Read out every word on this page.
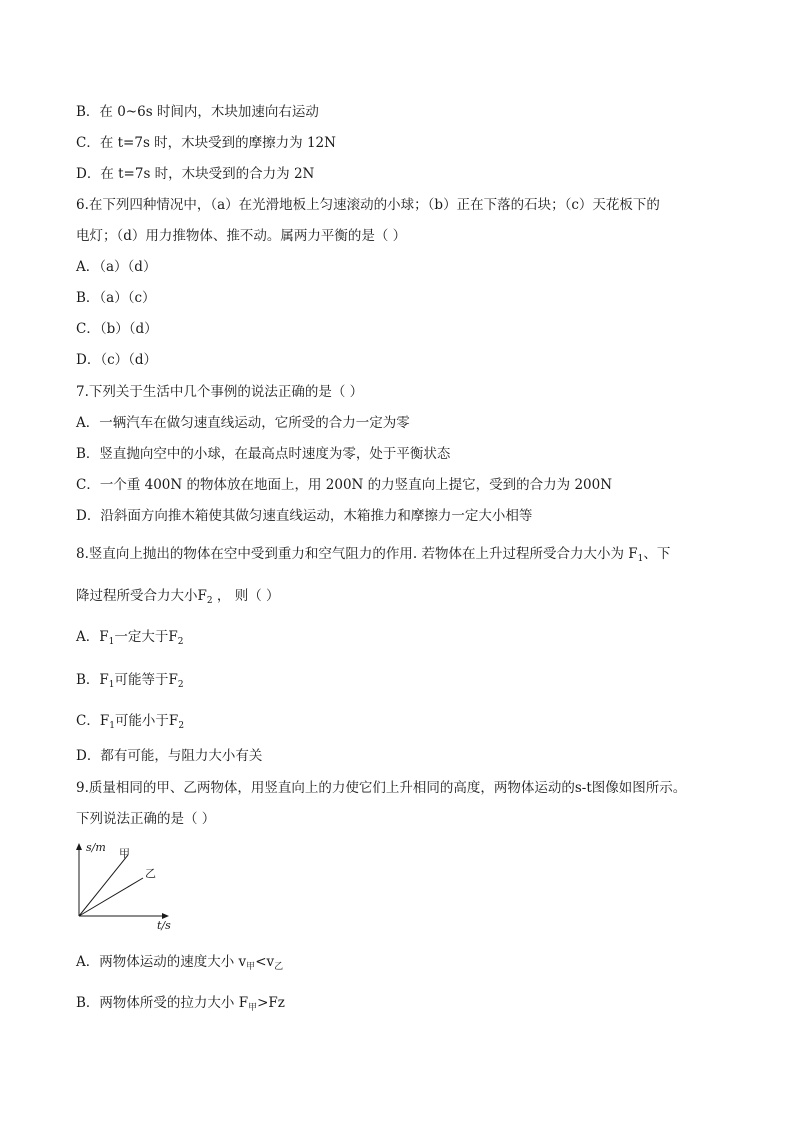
B．在 0~6s 时间内，木块加速向右运动
C．在 t=7s 时，木块受到的摩擦力为 12N
D．在 t=7s 时，木块受到的合力为 2N
6.在下列四种情况中，（a）在光滑地板上匀速滚动的小球；（b）正在下落的石块；（c）天花板下的
电灯；（d）用力推物体、推不动。属两力平衡的是（ ）
A．（a）（d）
B．（a）（c）
C．（b）（d）
D．（c）（d）
7.下列关于生活中几个事例的说法正确的是（ ）
A．一辆汽车在做匀速直线运动，它所受的合力一定为零
B．竖直抛向空中的小球，在最高点时速度为零，处于平衡状态
C．一个重 400N 的物体放在地面上，用 200N 的力竖直向上提它，受到的合力为 200N
D．沿斜面方向推木箱使其做匀速直线运动，木箱推力和摩擦力一定大小相等
8.竖直向上抛出的物体在空中受到重力和空气阻力的作用. 若物体在上升过程所受合力大小为 $F_1$、下
降过程所受合力大小$F_2$ ， 则（ ）
A．$F_1$一定大于$F_2$
B．$F_1$可能等于$F_2$
C．$F_1$可能小于$F_2$
D．都有可能，与阻力大小有关
9.质量相同的甲、乙两物体，用竖直向上的力使它们上升相同的高度，两物体运动的s-t图像如图所示。
下列说法正确的是（ ）
s/m 甲
乙
t/s
A．两物体运动的速度大小 $v_甲<v_乙$
B．两物体所受的拉力大小 $F_甲>Fz$
